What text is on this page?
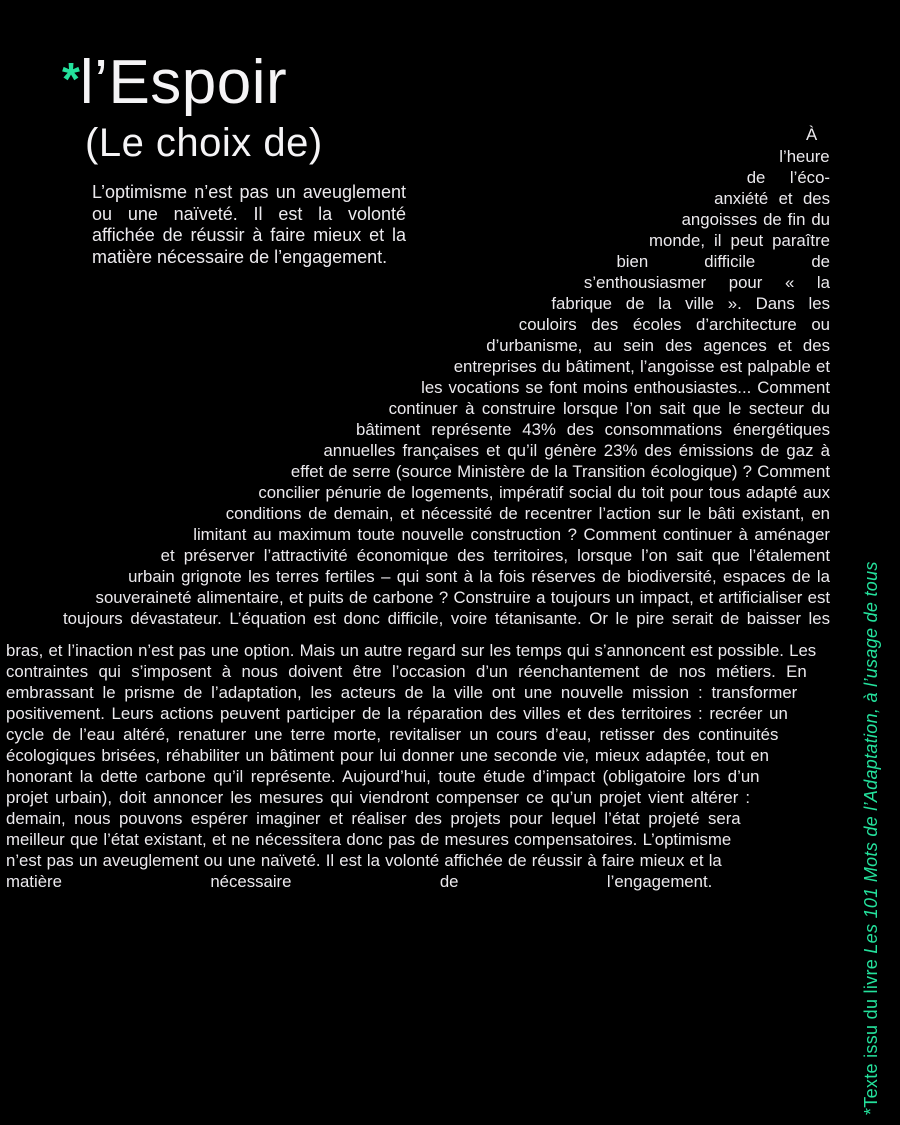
* l’Espoir
(Le choix de)

L’optimisme n’est pas un aveuglement ou une naïveté. Il est la volonté affichée de réussir à faire mieux et la matière nécessaire de l’engagement.

À l’heure de l’éco-anxiété et des angoisses de fin du monde, il peut paraître bien difficile de s’enthousiasmer pour « la fabrique de la ville ». Dans les couloirs des écoles d’architecture ou d’urbanisme, au sein des agences et des entreprises du bâtiment, l’angoisse est palpable et les vocations se font moins enthousiastes... Comment continuer à construire lorsque l’on sait que le secteur du bâtiment représente 43% des consommations énergétiques annuelles françaises et qu’il génère 23% des émissions de gaz à effet de serre (source Ministère de la Transition écologique) ? Comment concilier pénurie de logements, impératif social du toit pour tous adapté aux conditions de demain, et nécessité de recentrer l’action sur le bâti existant, en limitant au maximum toute nouvelle construction ? Comment continuer à aménager et préserver l’attractivité économique des territoires, lorsque l’on sait que l’étalement urbain grignote les terres fertiles – qui sont à la fois réserves de biodiversité, espaces de la souveraineté alimentaire, et puits de carbone ? Construire a toujours un impact, et artificialiser est toujours dévastateur. L’équation est donc difficile, voire tétanisante. Or le pire serait de baisser les bras, et l’inaction n’est pas une option. Mais un autre regard sur les temps qui s’annoncent est possible. Les contraintes qui s’imposent à nous doivent être l’occasion d’un réenchantement de nos métiers. En embrassant le prisme de l’adaptation, les acteurs de la ville ont une nouvelle mission : transformer positivement. Leurs actions peuvent participer de la réparation des villes et des territoires : recréer un cycle de l’eau altéré, renaturer une terre morte, revitaliser un cours d’eau, retisser des continuités écologiques brisées, réhabiliter un bâtiment pour lui donner une seconde vie, mieux adaptée, tout en honorant la dette carbone qu’il représente. Aujourd’hui, toute étude d’impact (obligatoire lors d’un projet urbain), doit annoncer les mesures qui viendront compenser ce qu’un projet vient altérer : demain, nous pouvons espérer imaginer et réaliser des projets pour lequel l’état projeté sera meilleur que l’état existant, et ne nécessitera donc pas de mesures compensatoires. L’optimisme n’est pas un aveuglement ou une naïveté. Il est la volonté affichée de réussir à faire mieux et la matière nécessaire de l’engagement.
*Texte issu du livre Les 101 Mots de l’Adaptation, à l’usage de tous
